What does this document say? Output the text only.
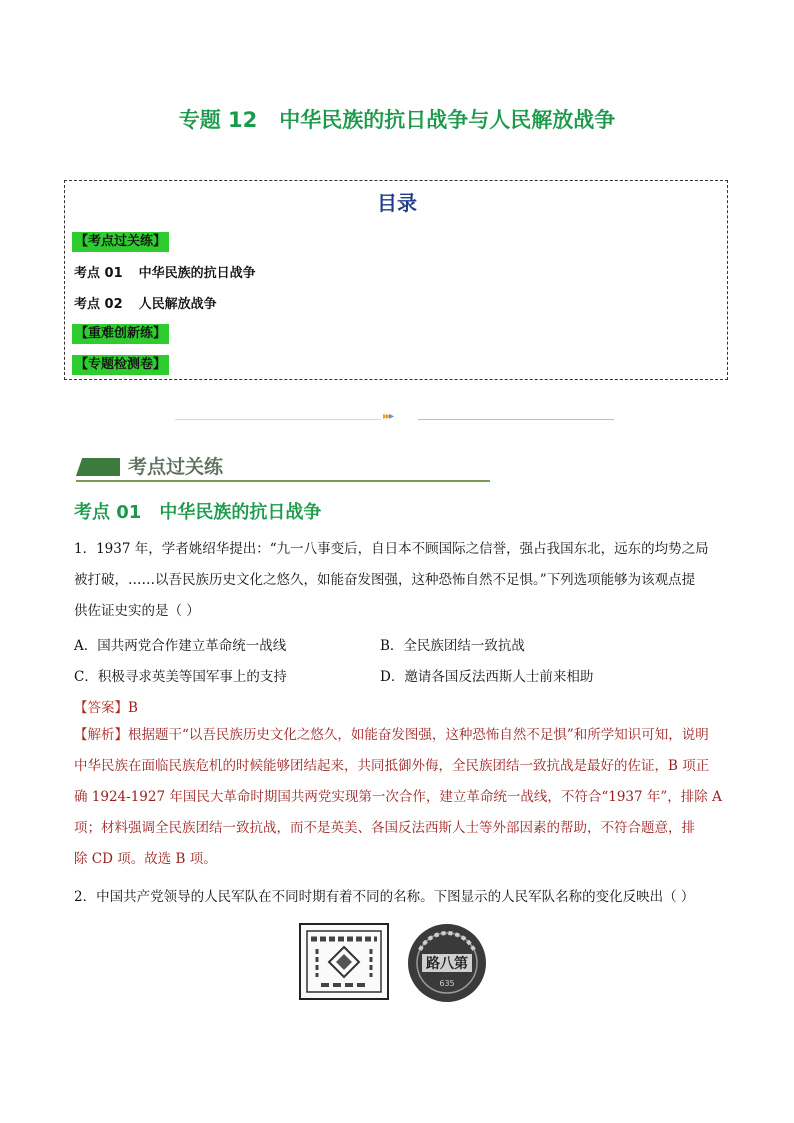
专题 12 中华民族的抗日战争与人民解放战争
目录
【考点过关练】
考点 01 中华民族的抗日战争
考点 02 人民解放战争
【重难创新练】
【专题检测卷】
▸▸▸
考点过关练
考点 01 中华民族的抗日战争
1．1937 年，学者姚绍华提出：“九一八事变后，自日本不顾国际之信誉，强占我国东北，远东的均势之局
被打破，……以吾民族历史文化之悠久，如能奋发图强，这种恐怖自然不足惧。”下列选项能够为该观点提
供佐证史实的是（ ）
A．国共两党合作建立革命统一战线	B．全民族团结一致抗战
C．积极寻求英美等国军事上的支持	D．邀请各国反法西斯人士前来相助
【答案】B
【解析】根据题干“以吾民族历史文化之悠久，如能奋发图强，这种恐怖自然不足惧”和所学知识可知，说明
中华民族在面临民族危机的时候能够团结起来，共同抵御外侮，全民族团结一致抗战是最好的佐证，B 项正
确 1924-1927 年国民大革命时期国共两党实现第一次合作，建立革命统一战线，不符合“1937 年”，排除 A
项；材料强调全民族团结一致抗战，而不是英美、各国反法西斯人士等外部因素的帮助，不符合题意，排
除 CD 项。故选 B 项。
2．中国共产党领导的人民军队在不同时期有着不同的名称。下图显示的人民军队名称的变化反映出（ ）
路八第
635
